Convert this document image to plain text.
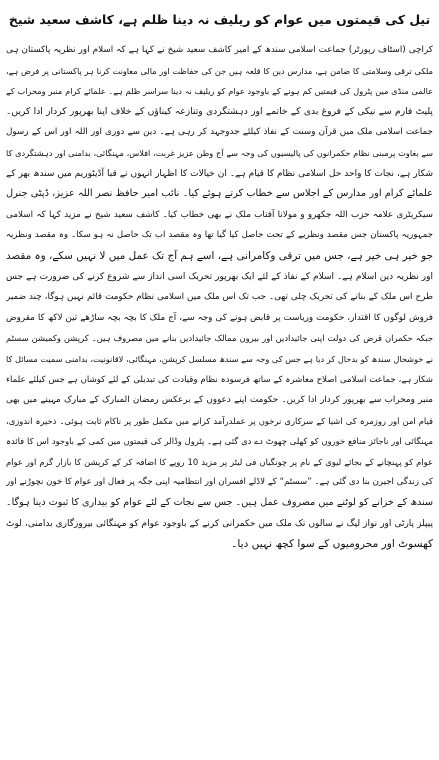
تیل کی قیمتوں میں عوام کو ریلیف نہ دینا ظلم ہے، کاشف سعید شیخ
کراچی (اسٹاف رپورٹر) جماعت اسلامی سندھ کے امیر کاشف سعید شیخ نے کہا ہے کہ اسلام اور نظریہ پاکستان ہی
ملکی ترقی وسلامتی کا ضامن ہے، مدارس دین کا قلعہ ہیں جن کی حفاظت اور مالی معاونت کرنا ہر پاکستانی پر فرض ہے،
عالمی منڈی میں پٹرول کی قیمتیں کم ہونے کے باوجود عوام کو ریلیف نہ دینا سراسر ظلم ہے۔ علمائے کرام منبر ومحراب کے
پلیٹ فارم سے نیکی کے فروغ بدی کے خاتمے اور دہشتگردی وتنازعہ کیناؤں کے خلاف اپنا بھرپور کردار ادا کریں۔
جماعت اسلامی ملک میں قرآن وسنت کے نفاذ کیلئے جدوجہد کر رہی ہے۔ دین سے دوری اور اللہ اور اس کے رسول
سے بغاوت پرمبنی نظام حکمرانوں کی پالیسیوں کی وجہ سے آج وطن عزیز غربت، افلاس، مہنگائی، بدامنی اور دہشتگردی کا
شکار ہے، نجات کا واحد حل اسلامی نظام کا قیام ہے۔ ان خیالات کا اظہار انہوں نے قبا آڈیٹوریم میں سندھ بھر کے
علمائے کرام اور مدارس کے اجلاس سے خطاب کرتے ہوئے کیا۔ نائب امیر حافظ نصر اللہ عزیز، ڈپٹی جنرل
سیکریٹری علامہ حزب اللہ جکھرو و مولانا آفتاب ملک نے بھی خطاب کیا۔ کاشف سعید شیخ نے مزید کہا کہ اسلامی
جمہوریہ پاکستان جس مقصد ونظریے کے تحت حاصل کیا گیا تھا وہ مقصد اب تک حاصل نہ ہو سکا۔ وہ مقصد ونظریہ
جو خیر ہی خیر ہے، جس میں ترقی وکامرانی ہے، اسے ہم آج تک عمل میں لا نہیں سکے، وہ مقصد
اور نظریہ دین اسلام ہے۔ اسلام کے نفاذ کے لئے ایک بھرپور تحریک اسی انداز سے شروع کرنے کی ضرورت ہے جس
طرح اس ملک کے بنانے کی تحریک چلی تھی۔ جب تک اس ملک میں اسلامی نظام حکومت قائم نہیں ہوگا، چند ضمیر
فروش لوگوں کا اقتدار، حکومت وریاست پر قابض ہونے کی وجہ سے، آج ملک کا بچہ بچہ ساڑھے تین لاکھ کا مقروض
جبکہ حکمران قرض کی دولت اپنی جائیدادیں اور بیرون ممالک جائیدادیں بنانے میں مصروف ہیں۔ کرپشن وکمیشن سسٹم
نے خوشحال سندھ کو بدحال کر دیا ہے جس کی وجہ سے سندھ مسلسل کرپشن، مہنگائی، لاقانونیت، بدامنی سمیت مسائل کا
شکار ہے، جماعت اسلامی اصلاح معاشرہ کے ساتھ فرسودہ نظام وقیادت کی تبدیلی کے لئے کوشاں ہے جس کیلئے علماء
منبر ومحراب سے بھرپور کردار ادا کریں۔ حکومت اپنے دعووں کے برعکس رمضان المبارک کے مبارک مہینے میں بھی
قیام امن اور روزمرہ کی اشیا کے سرکاری نرخوں پر عملدرآمد کرانے میں مکمل طور پر ناکام ثابت ہوئی۔ ذخیرہ اندوزی،
مہنگائی اور ناجائز منافع خوروں کو کھلی چھوٹ دے دی گئی ہے۔ پٹرول وڈالر کی قیمتوں میں کمی کے باوجود اس کا فائدہ
عوام کو پہنچانے کے بجائے لیوی کے نام پر چونگیاں فی لیٹر پر مزید 10 روپے کا اضافہ کر کے کرپشن کا بازار گرم اور عوام
کی زندگی اجیرن بنا دی گئی ہے۔ ”سسٹم“ کے لاڈلے افسران اور انتظامیہ اپنی جگہ پر فعال اور عوام کا خون نچوڑنے اور
سندھ کے خزانے کو لوٹنے میں مصروف عمل ہیں۔ جس سے نجات کے لئے عوام کو بیداری کا ثبوت دینا ہوگا۔
پیپلز پارٹی اور نواز لیگ نے سالوں تک ملک میں حکمرانی کرنے کے باوجود عوام کو مہنگائی بیروزگاری بدامنی، لوٹ
کھسوٹ اور محرومیوں کے سوا کچھ نہیں دیا۔
